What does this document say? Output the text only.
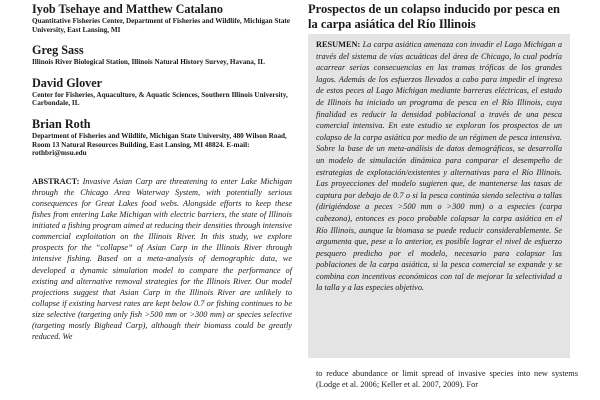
Iyob Tsehaye and Matthew Catalano
Quantitative Fisheries Center, Department of Fisheries and Wildlife, Michigan State University, East Lansing, MI
Greg Sass
Illinois River Biological Station, Illinois Natural History Survey, Havana, IL
David Glover
Center for Fisheries, Aquaculture, & Aquatic Sciences, Southern Illinois University, Carbondale, IL
Brian Roth
Department of Fisheries and Wildlife, Michigan State University, 480 Wilson Road, Room 13 Natural Resources Building, East Lansing, MI 48824. E-mail: rothbri@msu.edu
ABSTRACT: Invasive Asian Carp are threatening to enter Lake Michigan through the Chicago Area Waterway System, with potentially serious consequences for Great Lakes food webs. Alongside efforts to keep these fishes from entering Lake Michigan with electric barriers, the state of Illinois initiated a fishing program aimed at reducing their densities through intensive commercial exploitation on the Illinois River. In this study, we explore prospects for the “collapse” of Asian Carp in the Illinois River through intensive fishing. Based on a meta-analysis of demographic data, we developed a dynamic simulation model to compare the performance of existing and alternative removal strategies for the Illinois River. Our model projections suggest that Asian Carp in the Illinois River are unlikely to collapse if existing harvest rates are kept below 0.7 or fishing continues to be size selective (targeting only fish >500 mm or >300 mm) or species selective (targeting mostly Bighead Carp), although their biomass could be greatly reduced. We
Prospectos de un colapso inducido por pesca en la carpa asiática del Río Illinois
RESUMEN: La carpa asiática amenaza con invadir el Lago Michigan a través del sistema de vías acuáticas del área de Chicago, lo cual podría acarrear serias consecuencias en las tramas tróficas de los grandes lagos. Además de los esfuerzos llevados a cabo para impedir el ingreso de estos peces al Lago Michigan mediante barreras eléctricas, el estado de Illinois ha iniciado un programa de pesca en el Río Illinois, cuya finalidad es reducir la densidad poblacional a través de una pesca comercial intensiva. En este estudio se exploran los prospectos de un colapso de la carpa asiática por medio de un régimen de pesca intensiva. Sobre la base de un meta-análisis de datos demográficos, se desarrolla un modelo de simulación dinámica para comparar el desempeño de estrategias de explotación/existentes y alternativas para el Río Illinois. Las proyecciones del modelo sugieren que, de mantenerse las tasas de captura por debajo de 0.7 o si la pesca continúa siendo selectiva a tallas (dirigiéndose a peces >500 mm o >300 mm) o a especies (carpa cabezona), entonces es poco probable colapsar la carpa asiática en el Río Illinois, aunque la biomasa se puede reducir considerablemente. Se argumenta que, pese a lo anterior, es posible lograr el nivel de esfuerzo pesquero predicho por el modelo, necesario para colapsar las poblaciones de la carpa asiática, si la pesca comercial se expande y se combina con incentivos económicos con tal de mejorar la selectividad a la talla y a las especies objetivo.
to reduce abundance or limit spread of invasive species into new systems (Lodge et al. 2006; Keller et al. 2007, 2009). For
